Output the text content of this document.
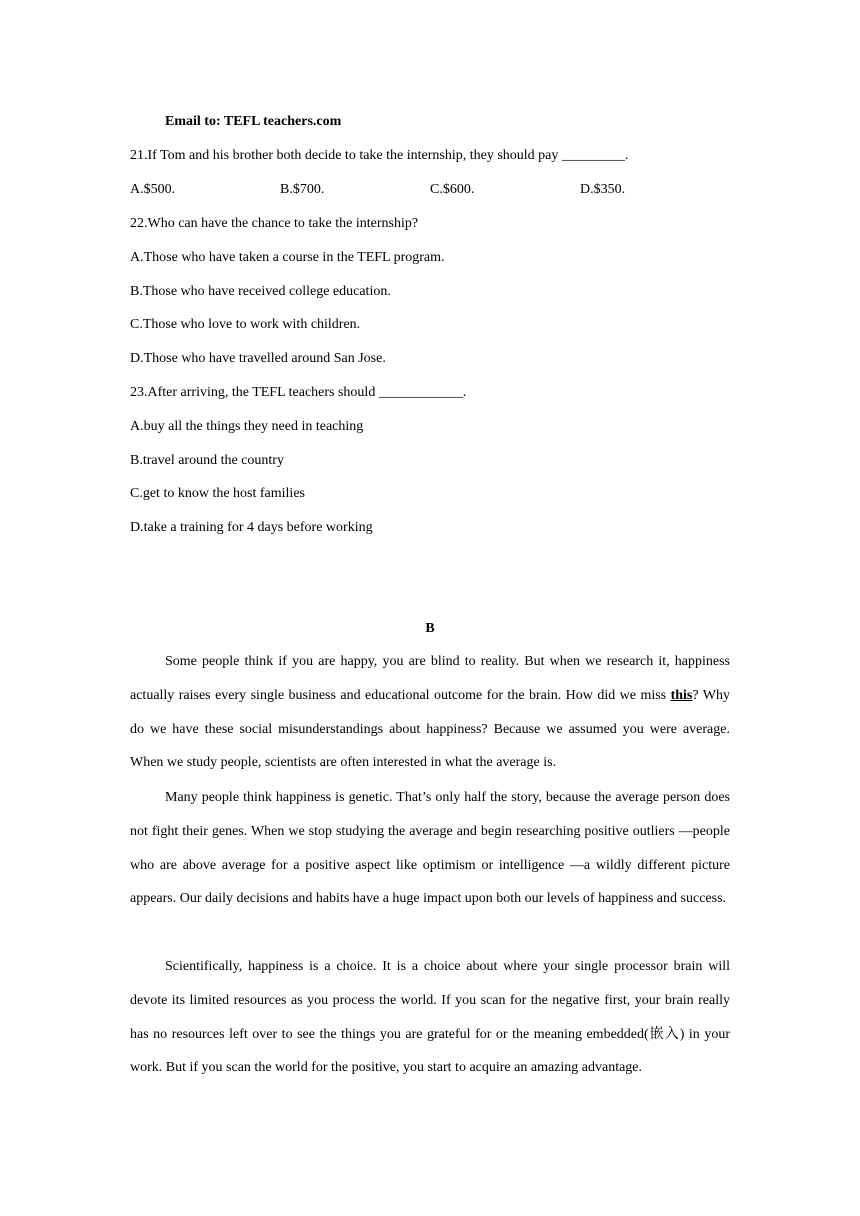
Email to: TEFL teachers.com
21.If Tom and his brother both decide to take the internship, they should pay _________.
A.$500.	B.$700.	C.$600.	D.$350.
22.Who can have the chance to take the internship?
A.Those who have taken a course in the TEFL program.
B.Those who have received college education.
C.Those who love to work with children.
D.Those who have travelled around San Jose.
23.After arriving, the TEFL teachers should ____________.
A.buy all the things they need in teaching
B.travel around the country
C.get to know the host families
D.take a training for 4 days before working
B
Some people think if you are happy, you are blind to reality. But when we research it, happiness actually raises every single business and educational outcome for the brain. How did we miss this? Why do we have these social misunderstandings about happiness? Because we assumed you were average. When we study people, scientists are often interested in what the average is.
Many people think happiness is genetic. That’s only half the story, because the average person does not fight their genes. When we stop studying the average and begin researching positive outliers —people who are above average for a positive aspect like optimism or intelligence —a wildly different picture appears. Our daily decisions and habits have a huge impact upon both our levels of happiness and success.
Scientifically, happiness is a choice. It is a choice about where your single processor brain will devote its limited resources as you process the world. If you scan for the negative first, your brain really has no resources left over to see the things you are grateful for or the meaning embedded(嵌入) in your work. But if you scan the world for the positive, you start to acquire an amazing advantage.
